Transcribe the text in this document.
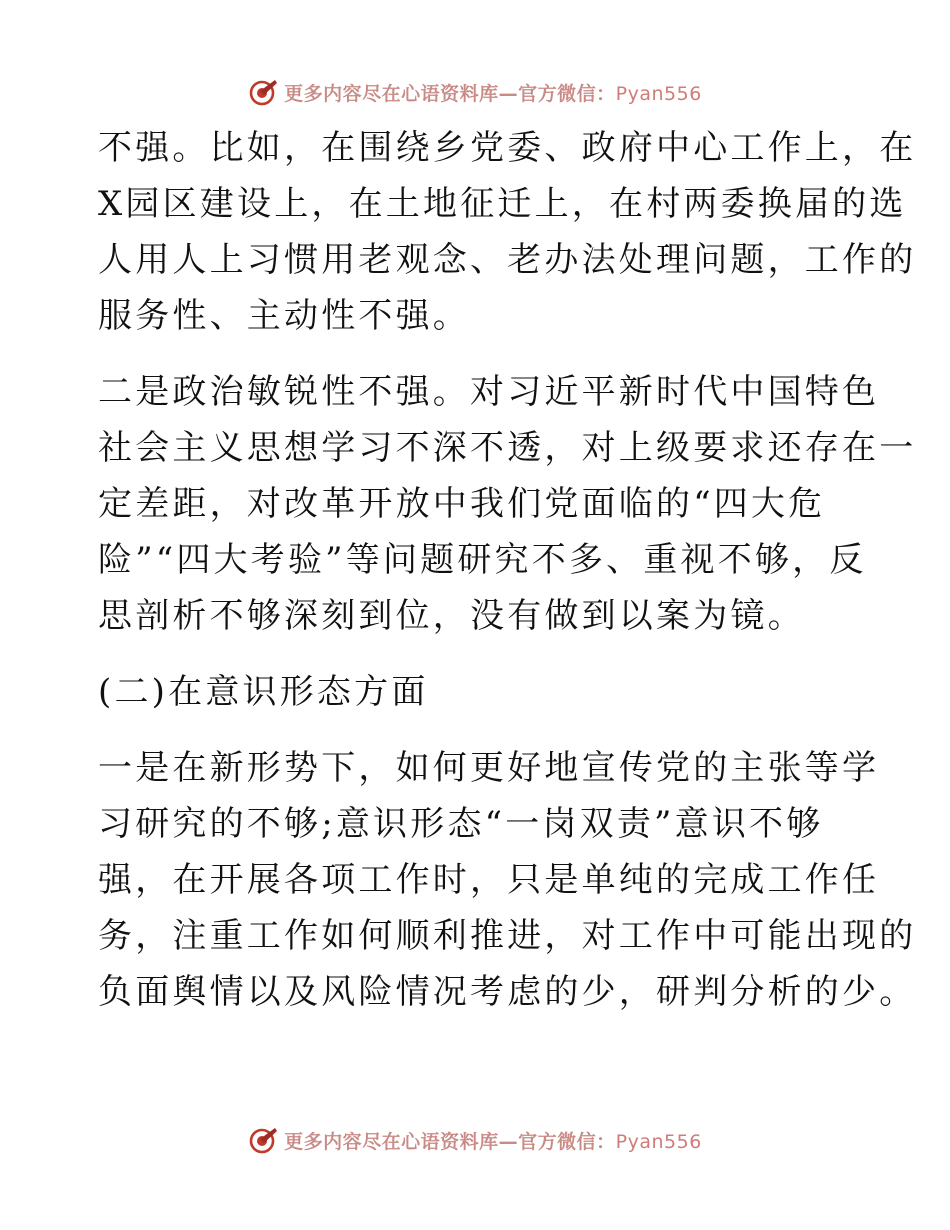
更多内容尽在心语资料库—官方微信：Pyan556
不强。比如，在围绕乡党委、政府中心工作上，在
X园区建设上，在土地征迁上，在村两委换届的选
人用人上习惯用老观念、老办法处理问题，工作的
服务性、主动性不强。
二是政治敏锐性不强。对习近平新时代中国特色
社会主义思想学习不深不透，对上级要求还存在一
定差距，对改革开放中我们党面临的“四大危
险”“四大考验”等问题研究不多、重视不够，反
思剖析不够深刻到位，没有做到以案为镜。
(二)在意识形态方面
一是在新形势下，如何更好地宣传党的主张等学
习研究的不够;意识形态“一岗双责”意识不够
强，在开展各项工作时，只是单纯的完成工作任
务，注重工作如何顺利推进，对工作中可能出现的
负面舆情以及风险情况考虑的少，研判分析的少。
更多内容尽在心语资料库—官方微信：Pyan556
